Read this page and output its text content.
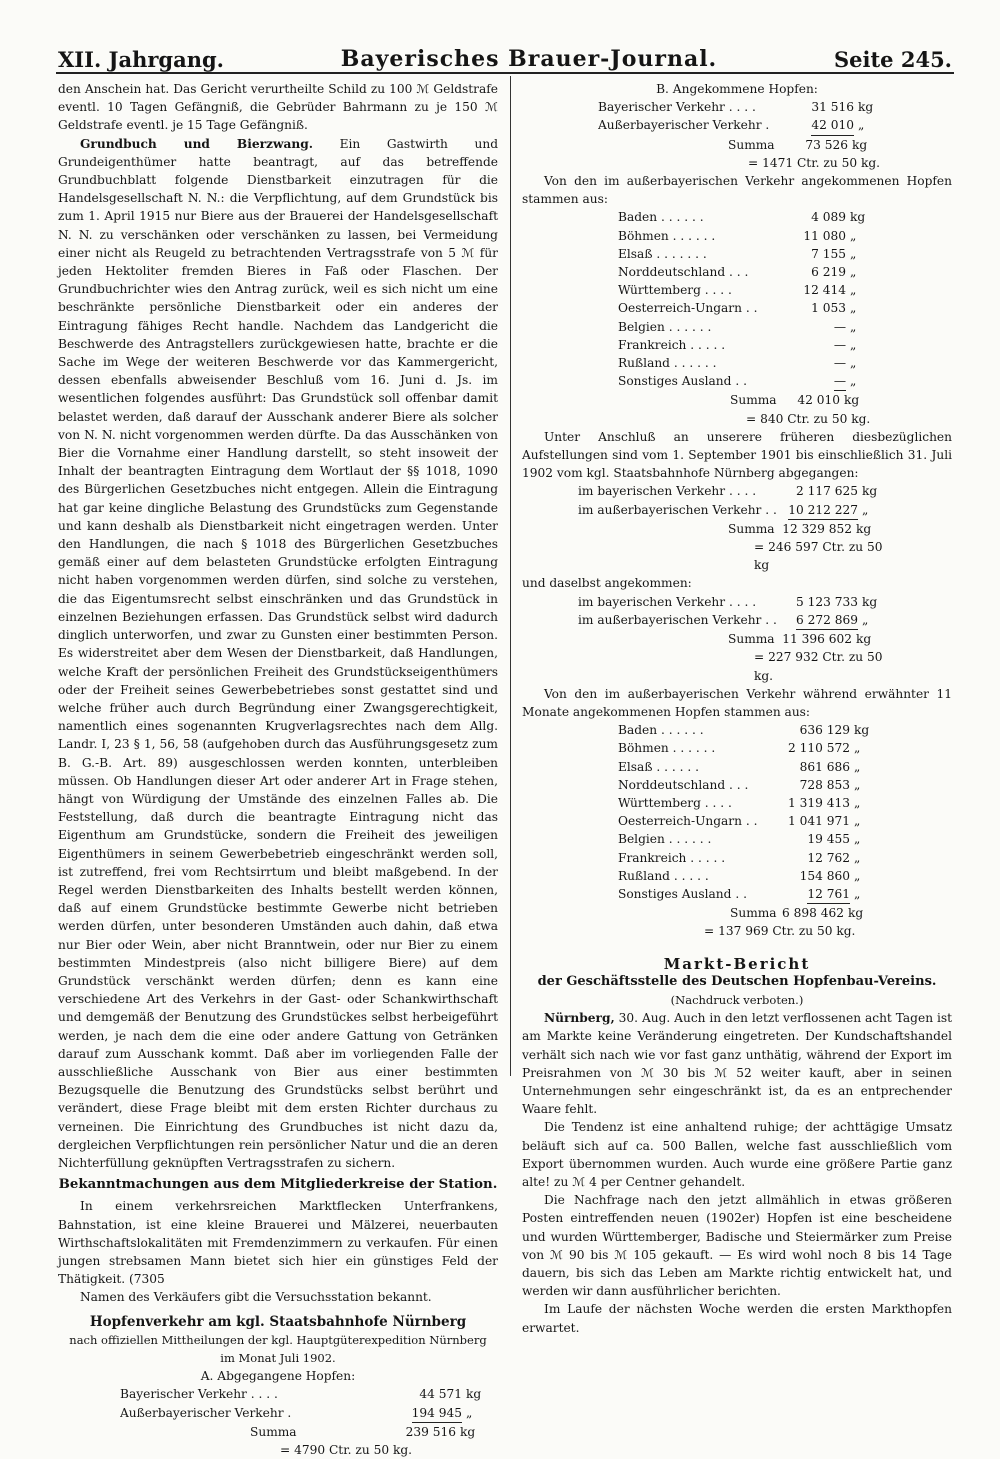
XII. Jahrgang.	Bayerisches Brauer-Journal.	Seite 245.

den Anschein hat. Das Gericht verurtheilte Schild zu 100 ℳ Geldstrafe eventl. 10 Tagen Gefängniß, die Gebrüder Bahrmann zu je 150 ℳ Geldstrafe eventl. je 15 Tage Gefängniß.

Grundbuch und Bierzwang. Ein Gastwirth und Grundeigenthümer hatte beantragt, auf das betreffende Grundbuchblatt folgende Dienstbarkeit einzutragen für die Handelsgesellschaft N. N.: die Verpflichtung, auf dem Grundstück bis zum 1. April 1915 nur Biere aus der Brauerei der Handelsgesellschaft N. N. zu verschänken oder verschänken zu lassen, bei Vermeidung einer nicht als Reugeld zu betrachtenden Vertragsstrafe von 5 ℳ für jeden Hektoliter fremden Bieres in Faß oder Flaschen. Der Grundbuchrichter wies den Antrag zurück, weil es sich nicht um eine beschränkte persönliche Dienstbarkeit oder ein anderes der Eintragung fähiges Recht handle. Nachdem das Landgericht die Beschwerde des Antragstellers zurückgewiesen hatte, brachte er die Sache im Wege der weiteren Beschwerde vor das Kammergericht, dessen ebenfalls abweisender Beschluß vom 16. Juni d. Js. im wesentlichen folgendes ausführt: Das Grundstück soll offenbar damit belastet werden, daß darauf der Ausschank anderer Biere als solcher von N. N. nicht vorgenommen werden dürfte. Da das Ausschänken von Bier die Vornahme einer Handlung darstellt, so steht insoweit der Inhalt der beantragten Eintragung dem Wortlaut der §§ 1018, 1090 des Bürgerlichen Gesetzbuches nicht entgegen. Allein die Eintragung hat gar keine dingliche Belastung des Grundstücks zum Gegenstande und kann deshalb als Dienstbarkeit nicht eingetragen werden. Unter den Handlungen, die nach § 1018 des Bürgerlichen Gesetzbuches gemäß einer auf dem belasteten Grundstücke erfolgten Eintragung nicht haben vorgenommen werden dürfen, sind solche zu verstehen, die das Eigentumsrecht selbst einschränken und das Grundstück in einzelnen Beziehungen erfassen. Das Grundstück selbst wird dadurch dinglich unterworfen, und zwar zu Gunsten einer bestimmten Person. Es widerstreitet aber dem Wesen der Dienstbarkeit, daß Handlungen, welche Kraft der persönlichen Freiheit des Grundstückseigenthümers oder der Freiheit seines Gewerbebetriebes sonst gestattet sind und welche früher auch durch Begründung einer Zwangsgerechtigkeit, namentlich eines sogenannten Krugverlagsrechtes nach dem Allg. Landr. I, 23 § 1, 56, 58 (aufgehoben durch das Ausführungsgesetz zum B. G.-B. Art. 89) ausgeschlossen werden konnten, unterbleiben müssen. Ob Handlungen dieser Art oder anderer Art in Frage stehen, hängt von Würdigung der Umstände des einzelnen Falles ab. Die Feststellung, daß durch die beantragte Eintragung nicht das Eigenthum am Grundstücke, sondern die Freiheit des jeweiligen Eigenthümers in seinem Gewerbebetrieb eingeschränkt werden soll, ist zutreffend, frei vom Rechtsirrtum und bleibt maßgebend. In der Regel werden Dienstbarkeiten des Inhalts bestellt werden können, daß auf einem Grundstücke bestimmte Gewerbe nicht betrieben werden dürfen, unter besonderen Umständen auch dahin, daß etwa nur Bier oder Wein, aber nicht Branntwein, oder nur Bier zu einem bestimmten Mindestpreis (also nicht billigere Biere) auf dem Grundstück verschänkt werden dürfen; denn es kann eine verschiedene Art des Verkehrs in der Gast- oder Schankwirthschaft und demgemäß der Benutzung des Grundstückes selbst herbeigeführt werden, je nach dem die eine oder andere Gattung von Getränken darauf zum Ausschank kommt. Daß aber im vorliegenden Falle der ausschließliche Ausschank von Bier aus einer bestimmten Bezugsquelle die Benutzung des Grundstücks selbst berührt und verändert, diese Frage bleibt mit dem ersten Richter durchaus zu verneinen. Die Einrichtung des Grundbuches ist nicht dazu da, dergleichen Verpflichtungen rein persönlicher Natur und die an deren Nichterfüllung geknüpften Vertragsstrafen zu sichern.

Bekanntmachungen aus dem Mitgliederkreise der Station.

In einem verkehrsreichen Marktflecken Unterfrankens, Bahnstation, ist eine kleine Brauerei und Mälzerei, neuerbauten Wirthschaftslokalitäten mit Fremdenzimmern zu verkaufen. Für einen jungen strebsamen Mann bietet sich hier ein günstiges Feld der Thätigkeit. (7305

Namen des Verkäufers gibt die Versuchsstation bekannt.

Hopfenverkehr am kgl. Staatsbahnhofe Nürnberg
nach offiziellen Mittheilungen der kgl. Hauptgüterexpedition Nürnberg
im Monat Juli 1902.
A. Abgegangene Hopfen:
Bayerischer Verkehr . . . .	44 571 kg
Außerbayerischer Verkehr .	194 945 „
Summa	239 516 kg
= 4790 Ctr. zu 50 kg.
B. Angekommene Hopfen:
Bayerischer Verkehr . . . .	31 516 kg
Außerbayerischer Verkehr .	42 010 „
Summa	73 526 kg
= 1471 Ctr. zu 50 kg.

Von den im außerbayerischen Verkehr angekommenen Hopfen stammen aus:

Baden . . . . . .	4 089 kg
Böhmen . . . . . .	11 080 „
Elsaß . . . . . . .	7 155 „
Norddeutschland . . .	6 219 „
Württemberg . . . .	12 414 „
Oesterreich-Ungarn . .	1 053 „
Belgien . . . . . .	— „
Frankreich . . . . .	— „
Rußland . . . . . .	— „
Sonstiges Ausland . .	— „
Summa	42 010 kg
= 840 Ctr. zu 50 kg.

Unter Anschluß an unserere früheren diesbezüglichen Aufstellungen sind vom 1. September 1901 bis einschließlich 31. Juli 1902 vom kgl. Staatsbahnhofe Nürnberg abgegangen:

im bayerischen Verkehr . . . .	2 117 625 kg
im außerbayerischen Verkehr . . 10 212 227 „
Summa 12 329 852 kg
= 246 597 Ctr. zu 50 kg
und daselbst angekommen:
im bayerischen Verkehr . . . .	5 123 733 kg
im außerbayerischen Verkehr . .	6 272 869 „
Summa 11 396 602 kg
= 227 932 Ctr. zu 50 kg.

Von den im außerbayerischen Verkehr während erwähnter 11 Monate angekommenen Hopfen stammen aus:

Baden . . . . . .	636 129 kg
Böhmen . . . . . .	2 110 572 „
Elsaß . . . . . .	861 686 „
Norddeutschland . . .	728 853 „
Württemberg . . . .	1 319 413 „
Oesterreich-Ungarn . .	1 041 971 „
Belgien . . . . . .	19 455 „
Frankreich . . . . .	12 762 „
Rußland . . . . .	154 860 „
Sonstiges Ausland . .	12 761 „
Summa 6 898 462 kg
= 137 969 Ctr. zu 50 kg.
Markt-Bericht
der Geschäftsstelle des Deutschen Hopfenbau-Vereins.
(Nachdruck verboten.)

Nürnberg, 30. Aug. Auch in den letzt verflossenen acht Tagen ist am Markte keine Veränderung eingetreten. Der Kundschaftshandel verhält sich nach wie vor fast ganz unthätig, während der Export im Preisrahmen von ℳ 30 bis ℳ 52 weiter kauft, aber in seinen Unternehmungen sehr eingeschränkt ist, da es an entprechender Waare fehlt.

Die Tendenz ist eine anhaltend ruhige; der achttägige Umsatz beläuft sich auf ca. 500 Ballen, welche fast ausschließlich vom Export übernommen wurden. Auch wurde eine größere Partie ganz alte! zu ℳ 4 per Centner gehandelt.

Die Nachfrage nach den jetzt allmählich in etwas größeren Posten eintreffenden neuen (1902er) Hopfen ist eine bescheidene und wurden Württemberger, Badische und Steiermärker zum Preise von ℳ 90 bis ℳ 105 gekauft. — Es wird wohl noch 8 bis 14 Tage dauern, bis sich das Leben am Markte richtig entwickelt hat, und werden wir dann ausführlicher berichten.

Im Laufe der nächsten Woche werden die ersten Markthopfen erwartet.
